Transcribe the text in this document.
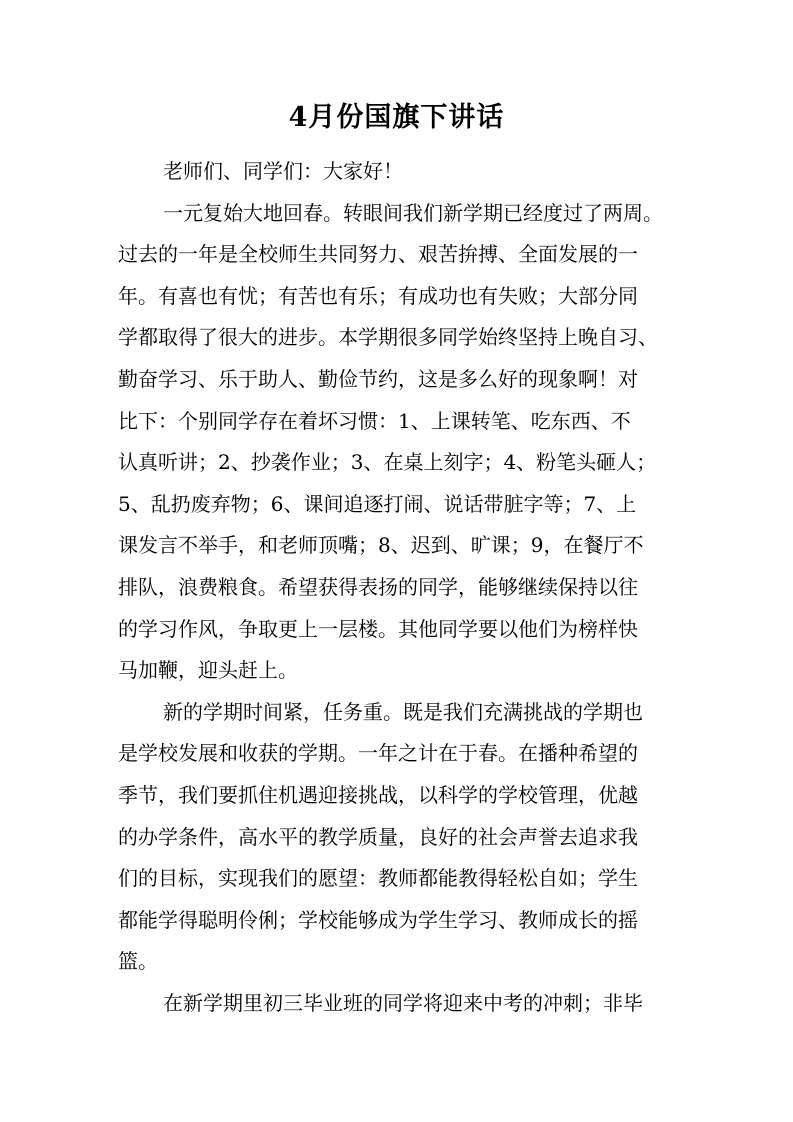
4月份国旗下讲话
老师们、同学们：大家好！
一元复始大地回春。转眼间我们新学期已经度过了两周。
过去的一年是全校师生共同努力、艰苦拚搏、全面发展的一
年。有喜也有忧；有苦也有乐；有成功也有失败；大部分同
学都取得了很大的进步。本学期很多同学始终坚持上晚自习、
勤奋学习、乐于助人、勤俭节约，这是多么好的现象啊！对
比下：个别同学存在着坏习惯：1、上课转笔、吃东西、不
认真听讲；2、抄袭作业；3、在桌上刻字；4、粉笔头砸人；
5、乱扔废弃物；6、课间追逐打闹、说话带脏字等；7、上
课发言不举手，和老师顶嘴；8、迟到、旷课；9，在餐厅不
排队，浪费粮食。希望获得表扬的同学，能够继续保持以往
的学习作风，争取更上一层楼。其他同学要以他们为榜样快
马加鞭，迎头赶上。
新的学期时间紧，任务重。既是我们充满挑战的学期也
是学校发展和收获的学期。一年之计在于春。在播种希望的
季节，我们要抓住机遇迎接挑战，以科学的学校管理，优越
的办学条件，高水平的教学质量，良好的社会声誉去追求我
们的目标，实现我们的愿望：教师都能教得轻松自如；学生
都能学得聪明伶俐；学校能够成为学生学习、教师成长的摇
篮。
在新学期里初三毕业班的同学将迎来中考的冲刺；非毕
